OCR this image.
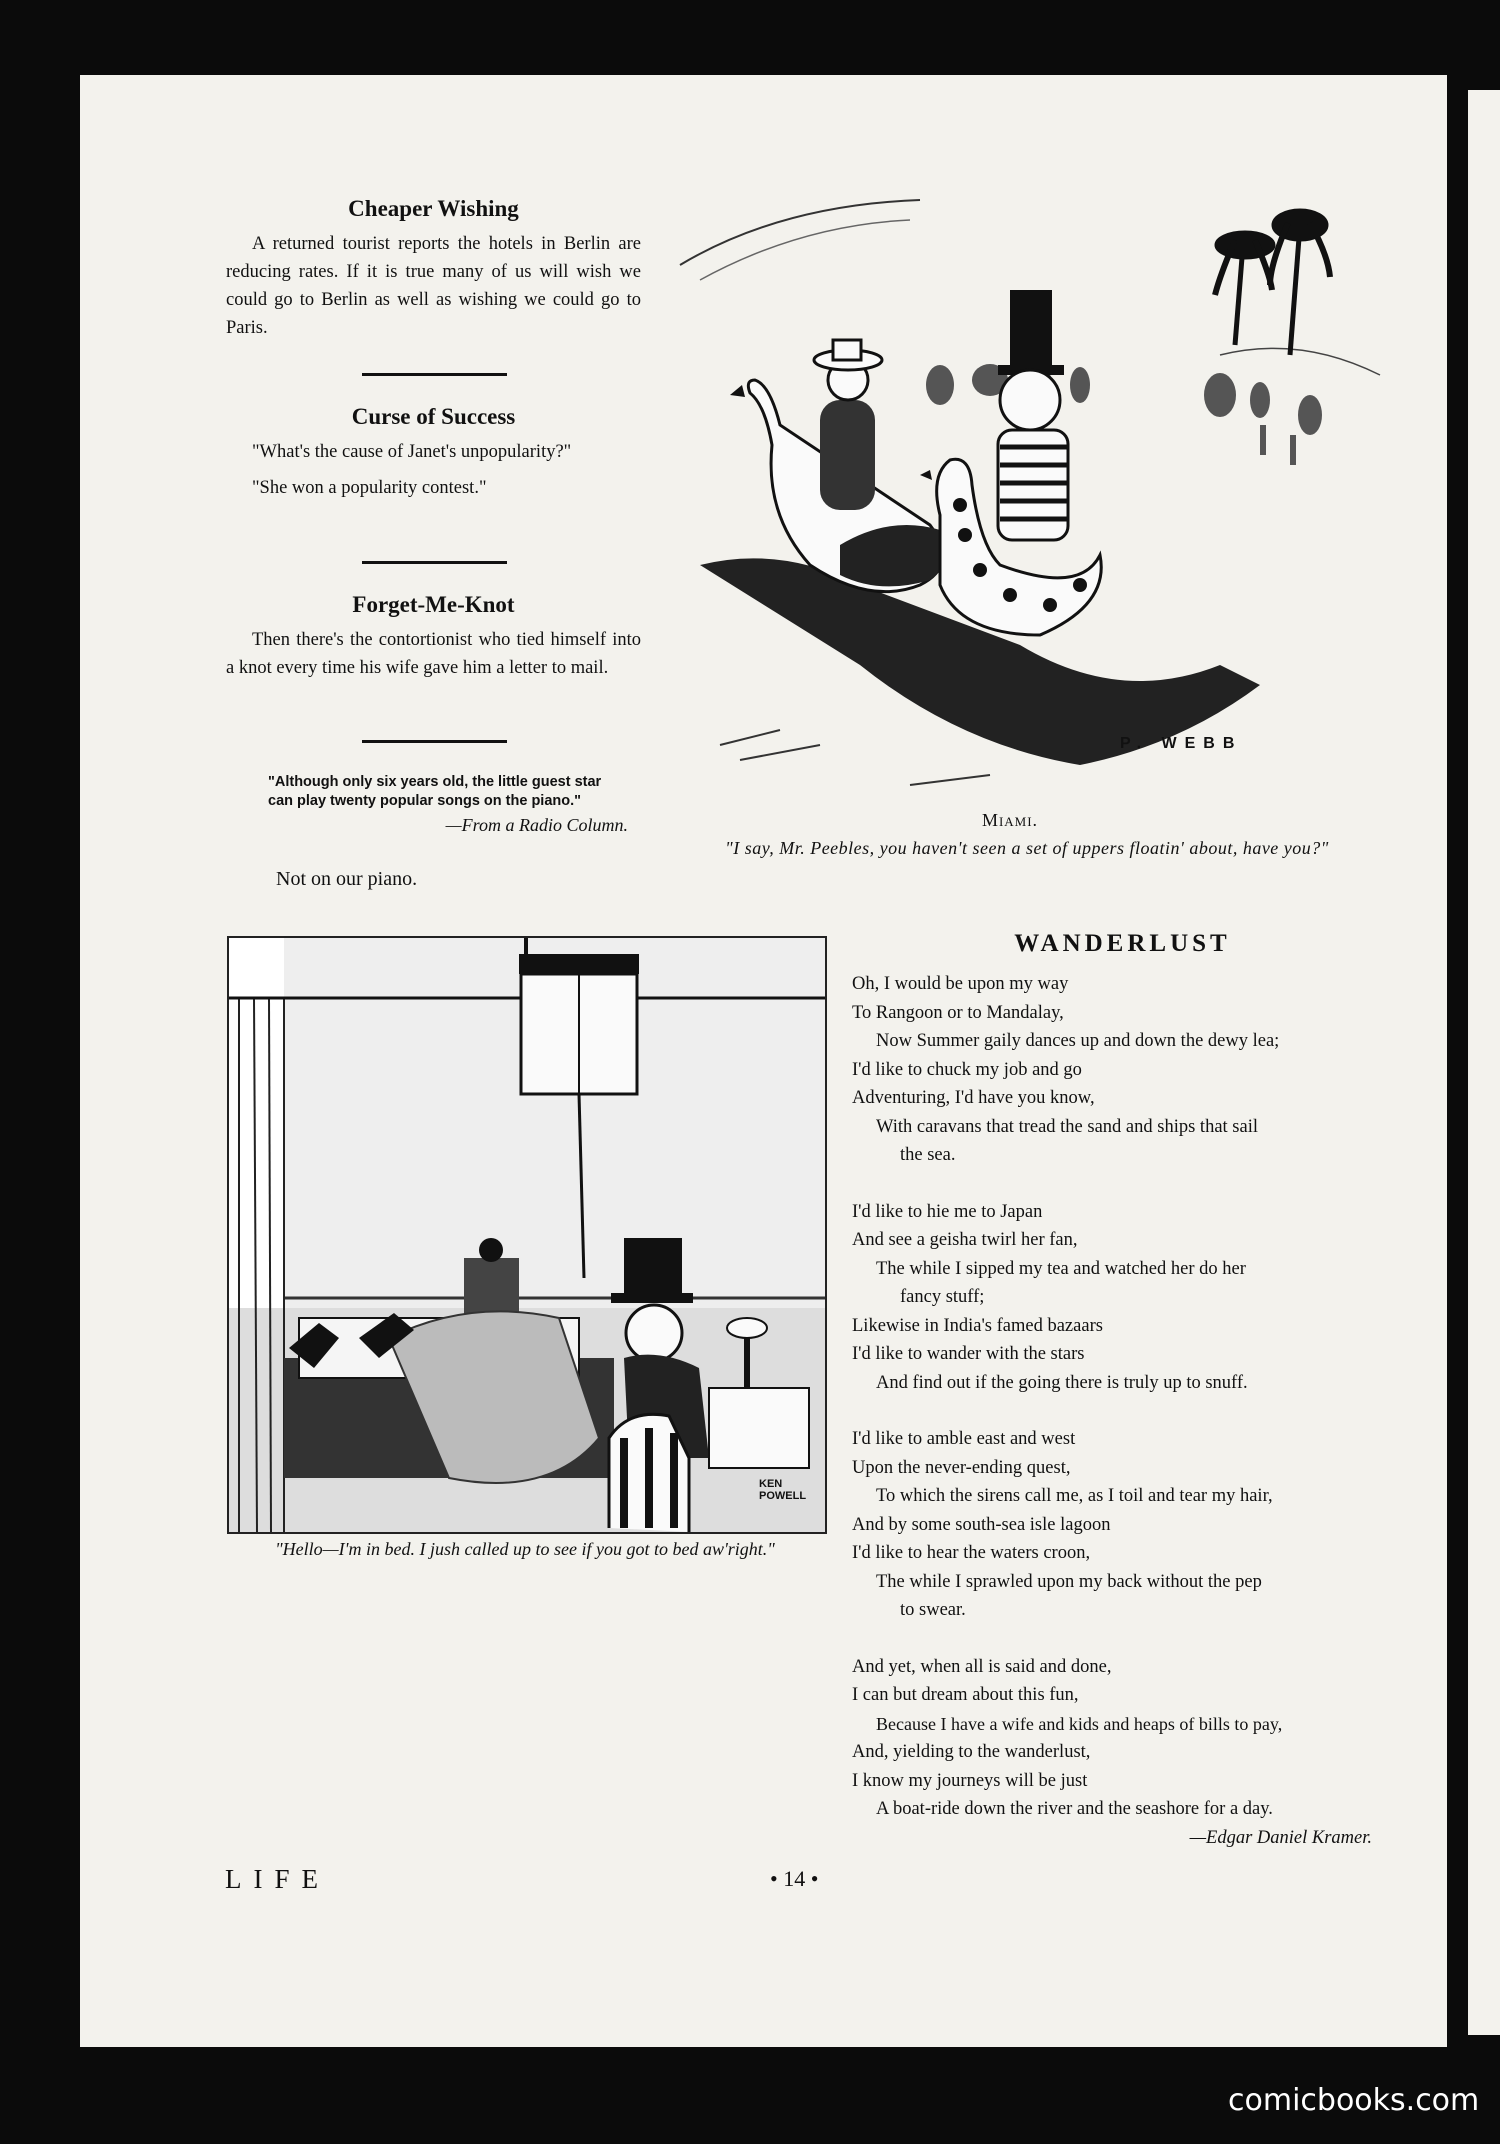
Cheaper Wishing

A returned tourist reports the hotels in Berlin are reducing rates. If it is true many of us will wish we could go to Berlin as well as wishing we could go to Paris.

Curse of Success

"What's the cause of Janet's unpopularity?"

"She won a popularity contest."

Forget-Me-Knot

Then there's the contortionist who tied himself into a knot every time his wife gave him a letter to mail.

"Although only six years old, the little guest star can play twenty popular songs on the piano."
—From a Radio Column.
Not on our piano.
P. WEBB
Miami.
"I say, Mr. Peebles, you haven't seen a set of uppers floatin' about, have you?"
KEN
POWELL
"Hello—I'm in bed. I jush called up to see if you got to bed aw'right."
WANDERLUST
Oh, I would be upon my way
To Rangoon or to Mandalay,
Now Summer gaily dances up and down the dewy lea;
I'd like to chuck my job and go
Adventuring, I'd have you know,
With caravans that tread the sand and ships that sail
the sea.
I'd like to hie me to Japan
And see a geisha twirl her fan,
The while I sipped my tea and watched her do her
fancy stuff;
Likewise in India's famed bazaars
I'd like to wander with the stars
And find out if the going there is truly up to snuff.
I'd like to amble east and west
Upon the never-ending quest,
To which the sirens call me, as I toil and tear my hair,
And by some south-sea isle lagoon
I'd like to hear the waters croon,
The while I sprawled upon my back without the pep
to swear.
And yet, when all is said and done,
I can but dream about this fun,
Because I have a wife and kids and heaps of bills to pay,
And, yielding to the wanderlust,
I know my journeys will be just
A boat-ride down the river and the seashore for a day.
—Edgar Daniel Kramer.
LIFE	• 14 •
comicbooks.com
